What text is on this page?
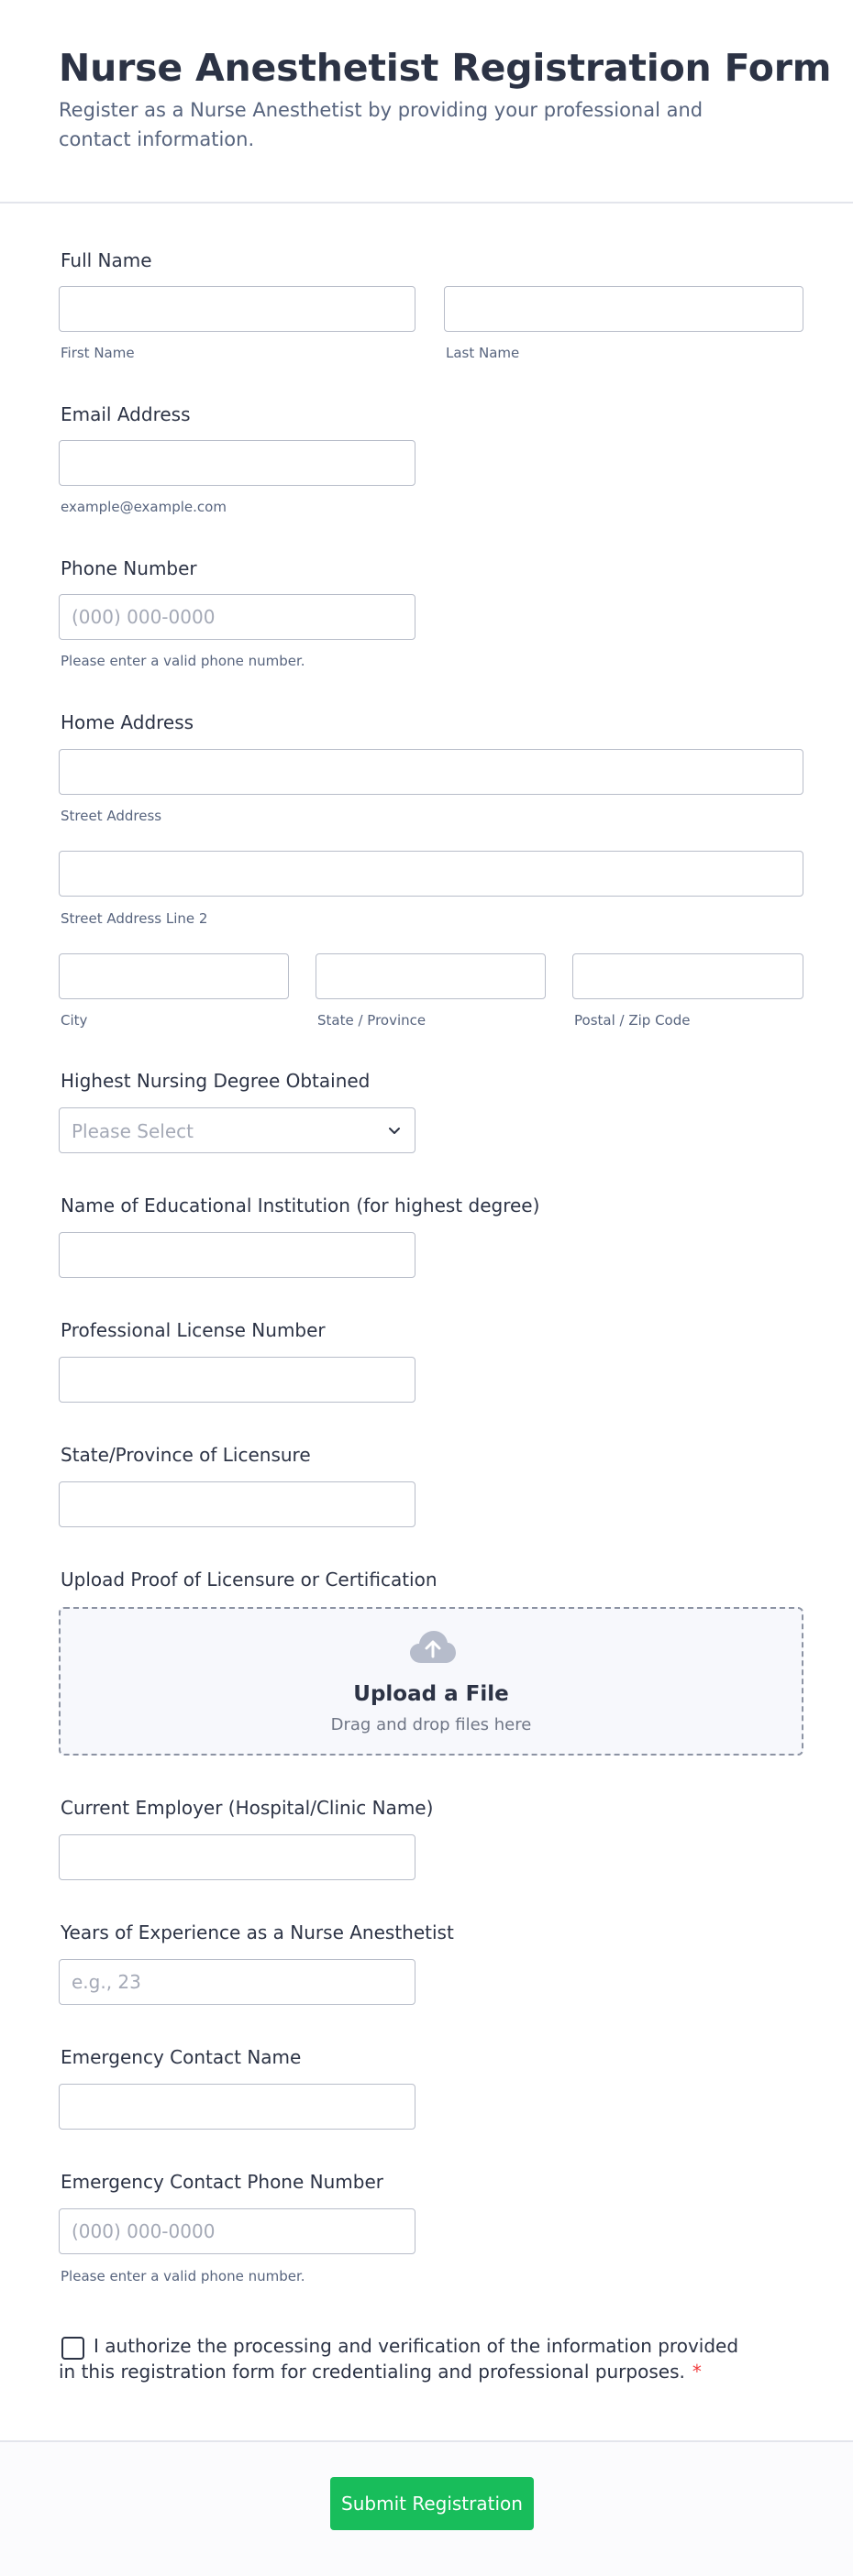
Nurse Anesthetist Registration Form

Register as a Nurse Anesthetist by providing your professional and contact information.

Full Name
First Name	Last Name
Email Address
example@example.com
Phone Number
(000) 000-0000
Please enter a valid phone number.
Home Address
Street Address
Street Address Line 2
City	State / Province	Postal / Zip Code
Highest Nursing Degree Obtained
Please Select
Name of Educational Institution (for highest degree)
Professional License Number
State/Province of Licensure
Upload Proof of Licensure or Certification
Upload a File
Drag and drop files here
Current Employer (Hospital/Clinic Name)
Years of Experience as a Nurse Anesthetist
e.g., 23
Emergency Contact Name
Emergency Contact Phone Number
(000) 000-0000
Please enter a valid phone number.
I authorize the processing and verification of the information provided in this registration form for credentialing and professional purposes. *
Submit Registration
